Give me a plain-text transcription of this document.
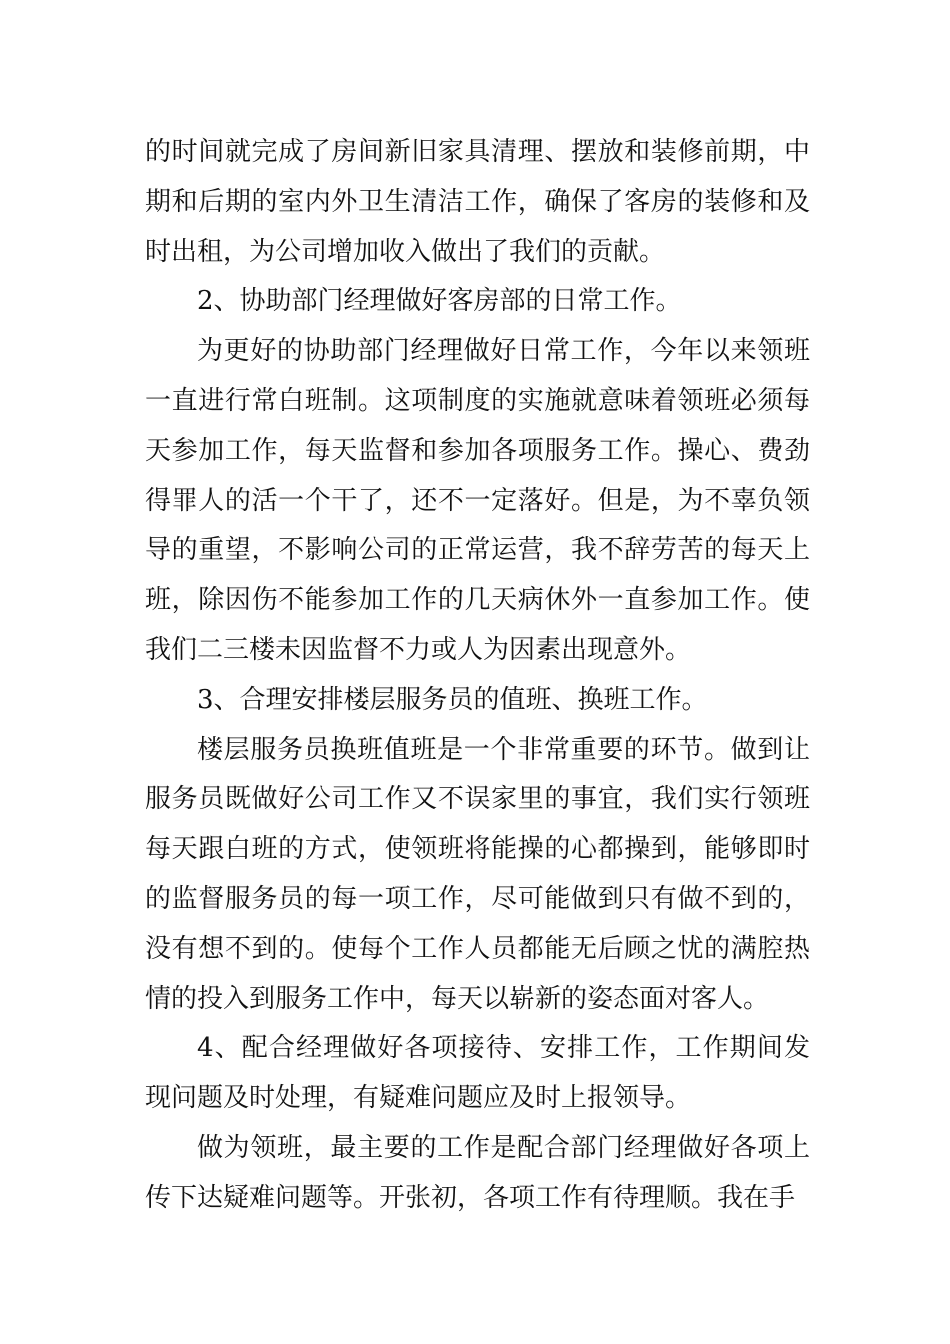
的时间就完成了房间新旧家具清理、摆放和装修前期，中期和后期的室内外卫生清洁工作，确保了客房的装修和及时出租，为公司增加收入做出了我们的贡献。

2、协助部门经理做好客房部的日常工作。

为更好的协助部门经理做好日常工作，今年以来领班一直进行常白班制。这项制度的实施就意味着领班必须每天参加工作，每天监督和参加各项服务工作。操心、费劲得罪人的活一个干了，还不一定落好。但是，为不辜负领导的重望，不影响公司的正常运营，我不辞劳苦的每天上班，除因伤不能参加工作的几天病休外一直参加工作。使我们二三楼未因监督不力或人为因素出现意外。

3、合理安排楼层服务员的值班、换班工作。

楼层服务员换班值班是一个非常重要的环节。做到让服务员既做好公司工作又不误家里的事宜，我们实行领班每天跟白班的方式，使领班将能操的心都操到，能够即时的监督服务员的每一项工作，尽可能做到只有做不到的，没有想不到的。使每个工作人员都能无后顾之忧的满腔热情的投入到服务工作中，每天以崭新的姿态面对客人。

4、配合经理做好各项接待、安排工作，工作期间发现问题及时处理，有疑难问题应及时上报领导。

做为领班，最主要的工作是配合部门经理做好各项上传下达疑难问题等。开张初，各项工作有待理顺。我在手
